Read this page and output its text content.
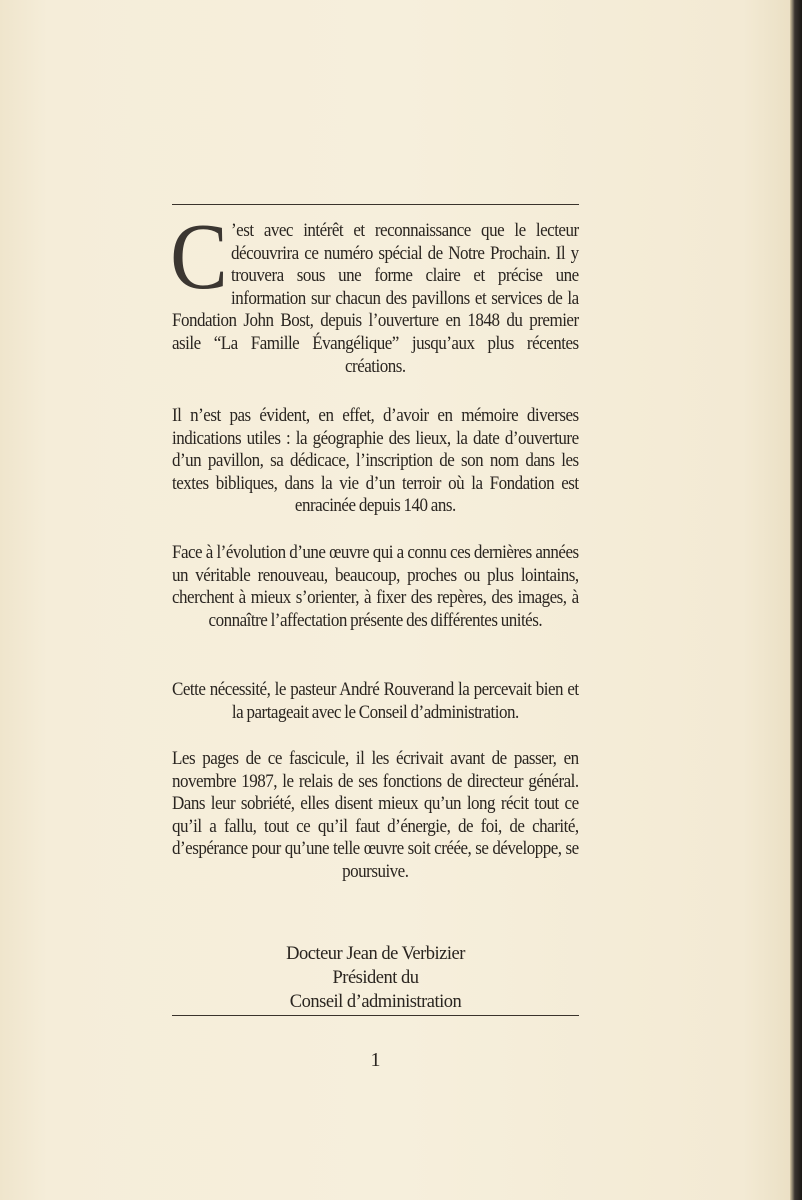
C ’est avec intérêt et reconnaissance que le lecteur découvrira ce numéro spécial de Notre Prochain. Il y trouvera sous une forme claire et précise une information sur chacun des pavillons et services de la Fondation John Bost, depuis l’ouverture en 1848 du premier asile “La Famille Évangélique” jusqu’aux plus récentes créations.
Il n’est pas évident, en effet, d’avoir en mémoire diverses indications utiles : la géographie des lieux, la date d’ouverture d’un pavillon, sa dédicace, l’inscription de son nom dans les textes bibliques, dans la vie d’un terroir où la Fondation est enracinée depuis 140 ans.
Face à l’évolution d’une œuvre qui a connu ces dernières années un véritable renouveau, beaucoup, proches ou plus lointains, cherchent à mieux s’orienter, à fixer des repères, des images, à connaître l’affectation présente des différentes unités.
Cette nécessité, le pasteur André Rouverand la percevait bien et la partageait avec le Conseil d’administration.
Les pages de ce fascicule, il les écrivait avant de passer, en novembre 1987, le relais de ses fonctions de directeur général. Dans leur sobriété, elles disent mieux qu’un long récit tout ce qu’il a fallu, tout ce qu’il faut d’énergie, de foi, de charité, d’espérance pour qu’une telle œuvre soit créée, se développe, se poursuive.
Docteur Jean de Verbizier
Président du
Conseil d’administration
1
